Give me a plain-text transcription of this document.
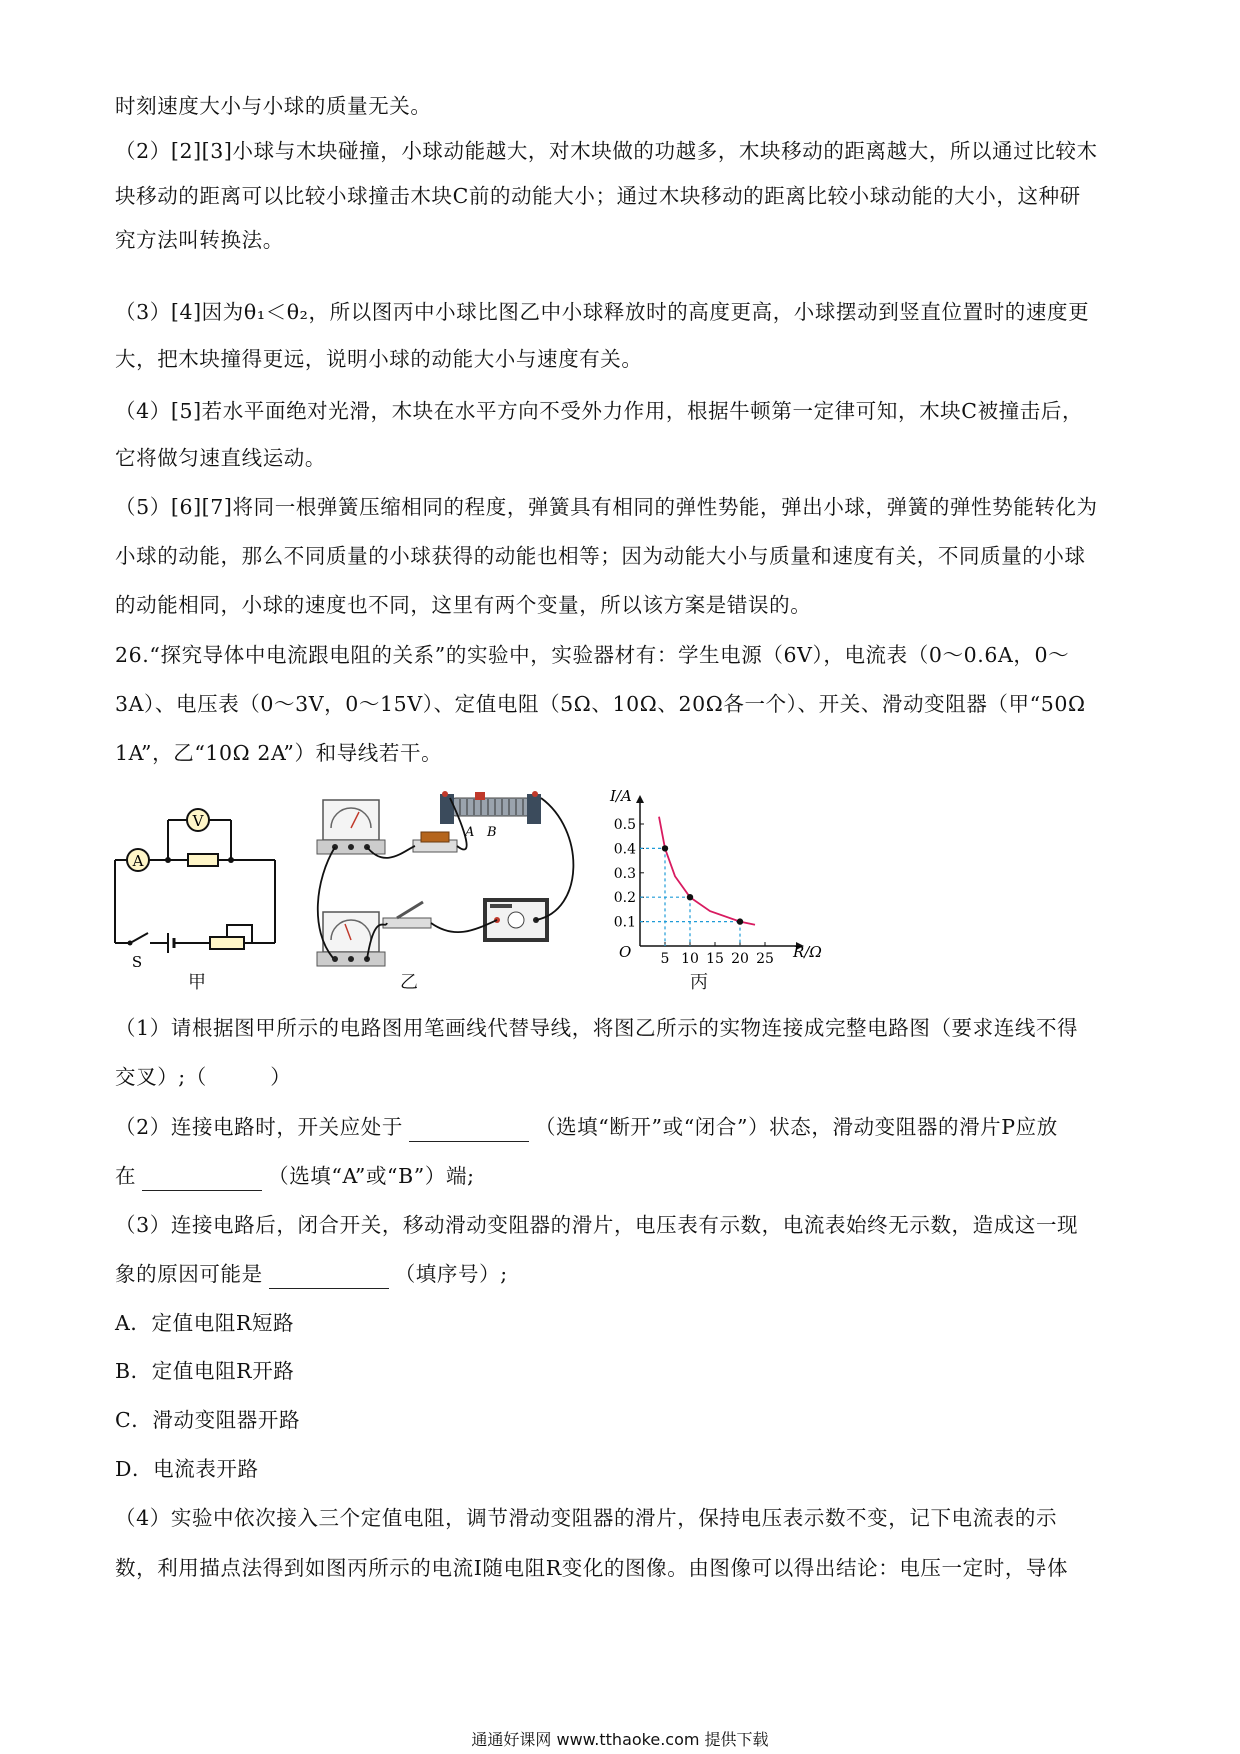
时刻速度大小与小球的质量无关。
（2）[2][3]小球与木块碰撞，小球动能越大，对木块做的功越多，木块移动的距离越大，所以通过比较木
块移动的距离可以比较小球撞击木块C前的动能大小；通过木块移动的距离比较小球动能的大小，这种研
究方法叫转换法。
（3）[4]因为θ₁＜θ₂，所以图丙中小球比图乙中小球释放时的高度更高，小球摆动到竖直位置时的速度更
大，把木块撞得更远，说明小球的动能大小与速度有关。
（4）[5]若水平面绝对光滑，木块在水平方向不受外力作用，根据牛顿第一定律可知，木块C被撞击后，
它将做匀速直线运动。
（5）[6][7]将同一根弹簧压缩相同的程度，弹簧具有相同的弹性势能，弹出小球，弹簧的弹性势能转化为
小球的动能，那么不同质量的小球获得的动能也相等；因为动能大小与质量和速度有关，不同质量的小球
的动能相同，小球的速度也不同，这里有两个变量，所以该方案是错误的。
26.“探究导体中电流跟电阻的关系”的实验中，实验器材有：学生电源（6V），电流表（0～0.6A，0～
3A）、电压表（0～3V，0～15V）、定值电阻（5Ω、10Ω、20Ω各一个）、开关、滑动变阻器（甲“50Ω
1A”，乙“10Ω 2A”）和导线若干。
A
V
S
甲
A B
乙
0.1
0.2
0.3
0.4
0.5
5 10 15 20 25
I/A
R/Ω
O
丙
（1）请根据图甲所示的电路图用笔画线代替导线，将图乙所示的实物连接成完整电路图（要求连线不得
交叉）;（　　　）
（2）连接电路时，开关应处于	（选填“断开”或“闭合”）状态，滑动变阻器的滑片P应放
在	（选填“A”或“B”）端;
（3）连接电路后，闭合开关，移动滑动变阻器的滑片，电压表有示数，电流表始终无示数，造成这一现
象的原因可能是	（填序号）;
A．定值电阻R短路
B．定值电阻R开路
C．滑动变阻器开路
D．电流表开路
（4）实验中依次接入三个定值电阻，调节滑动变阻器的滑片，保持电压表示数不变，记下电流表的示
数，利用描点法得到如图丙所示的电流I随电阻R变化的图像。由图像可以得出结论：电压一定时，导体
通通好课网 www.tthaoke.com 提供下载
